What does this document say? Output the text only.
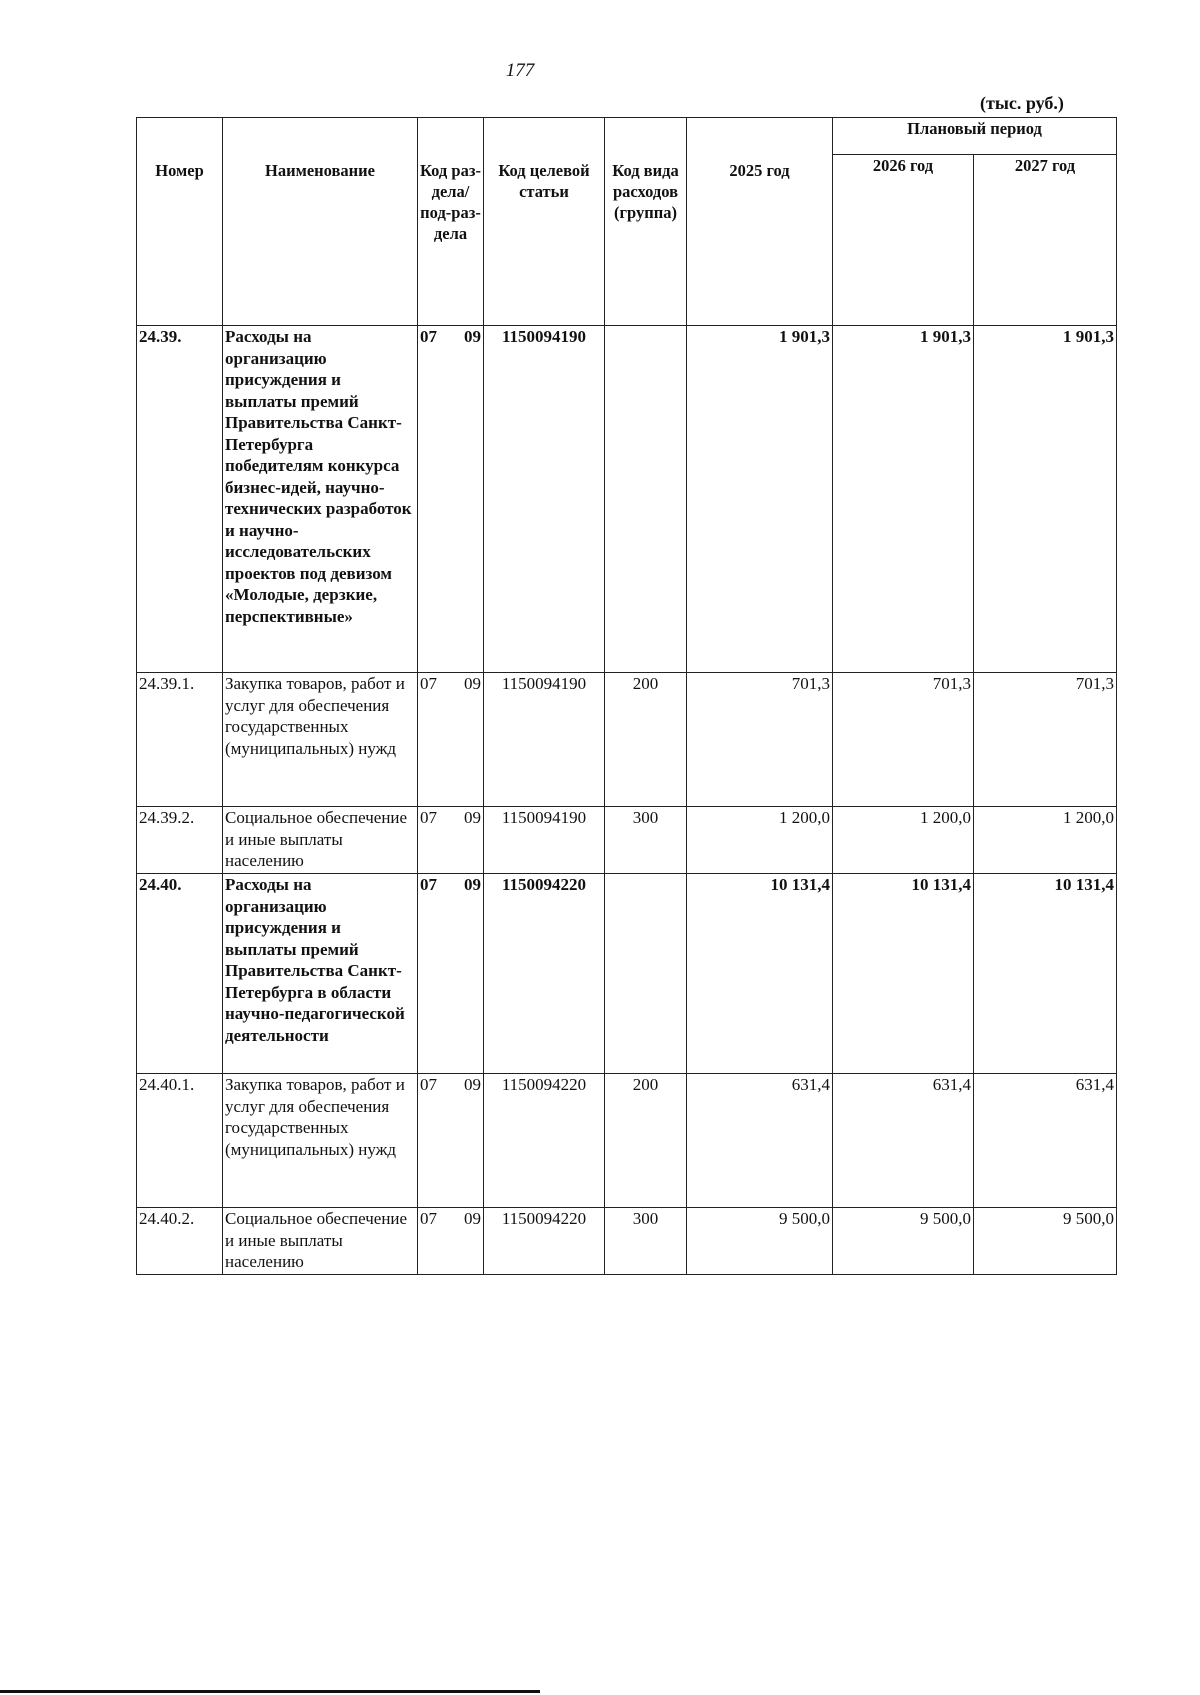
177
(тыс. руб.)
Номер	Наименование	Код раз-дела/ под-раз-дела	Код целевой статьи	Код вида расходов (группа)	2025 год	Плановый период	
						2026 год	2027 год
24.39.	Расходы на организацию присуждения и выплаты премий Правительства Санкт-Петербурга победителям конкурса бизнес-идей, научно-технических разработок и научно-исследовательских проектов под девизом «Молодые, дерзкие, перспективные»	07 09	1150094190		1 901,3	1 901,3	1 901,3
24.39.1.	Закупка товаров, работ и услуг для обеспечения государственных (муниципальных) нужд	07 09	1150094190	200	701,3	701,3	701,3
24.39.2.	Социальное обеспечение и иные выплаты населению	07 09	1150094190	300	1 200,0	1 200,0	1 200,0
24.40.	Расходы на организацию присуждения и выплаты премий Правительства Санкт-Петербурга в области научно-педагогической деятельности	07 09	1150094220		10 131,4	10 131,4	10 131,4
24.40.1.	Закупка товаров, работ и услуг для обеспечения государственных (муниципальных) нужд	07 09	1150094220	200	631,4	631,4	631,4
24.40.2.	Социальное обеспечение и иные выплаты населению	07 09	1150094220	300	9 500,0	9 500,0	9 500,0
